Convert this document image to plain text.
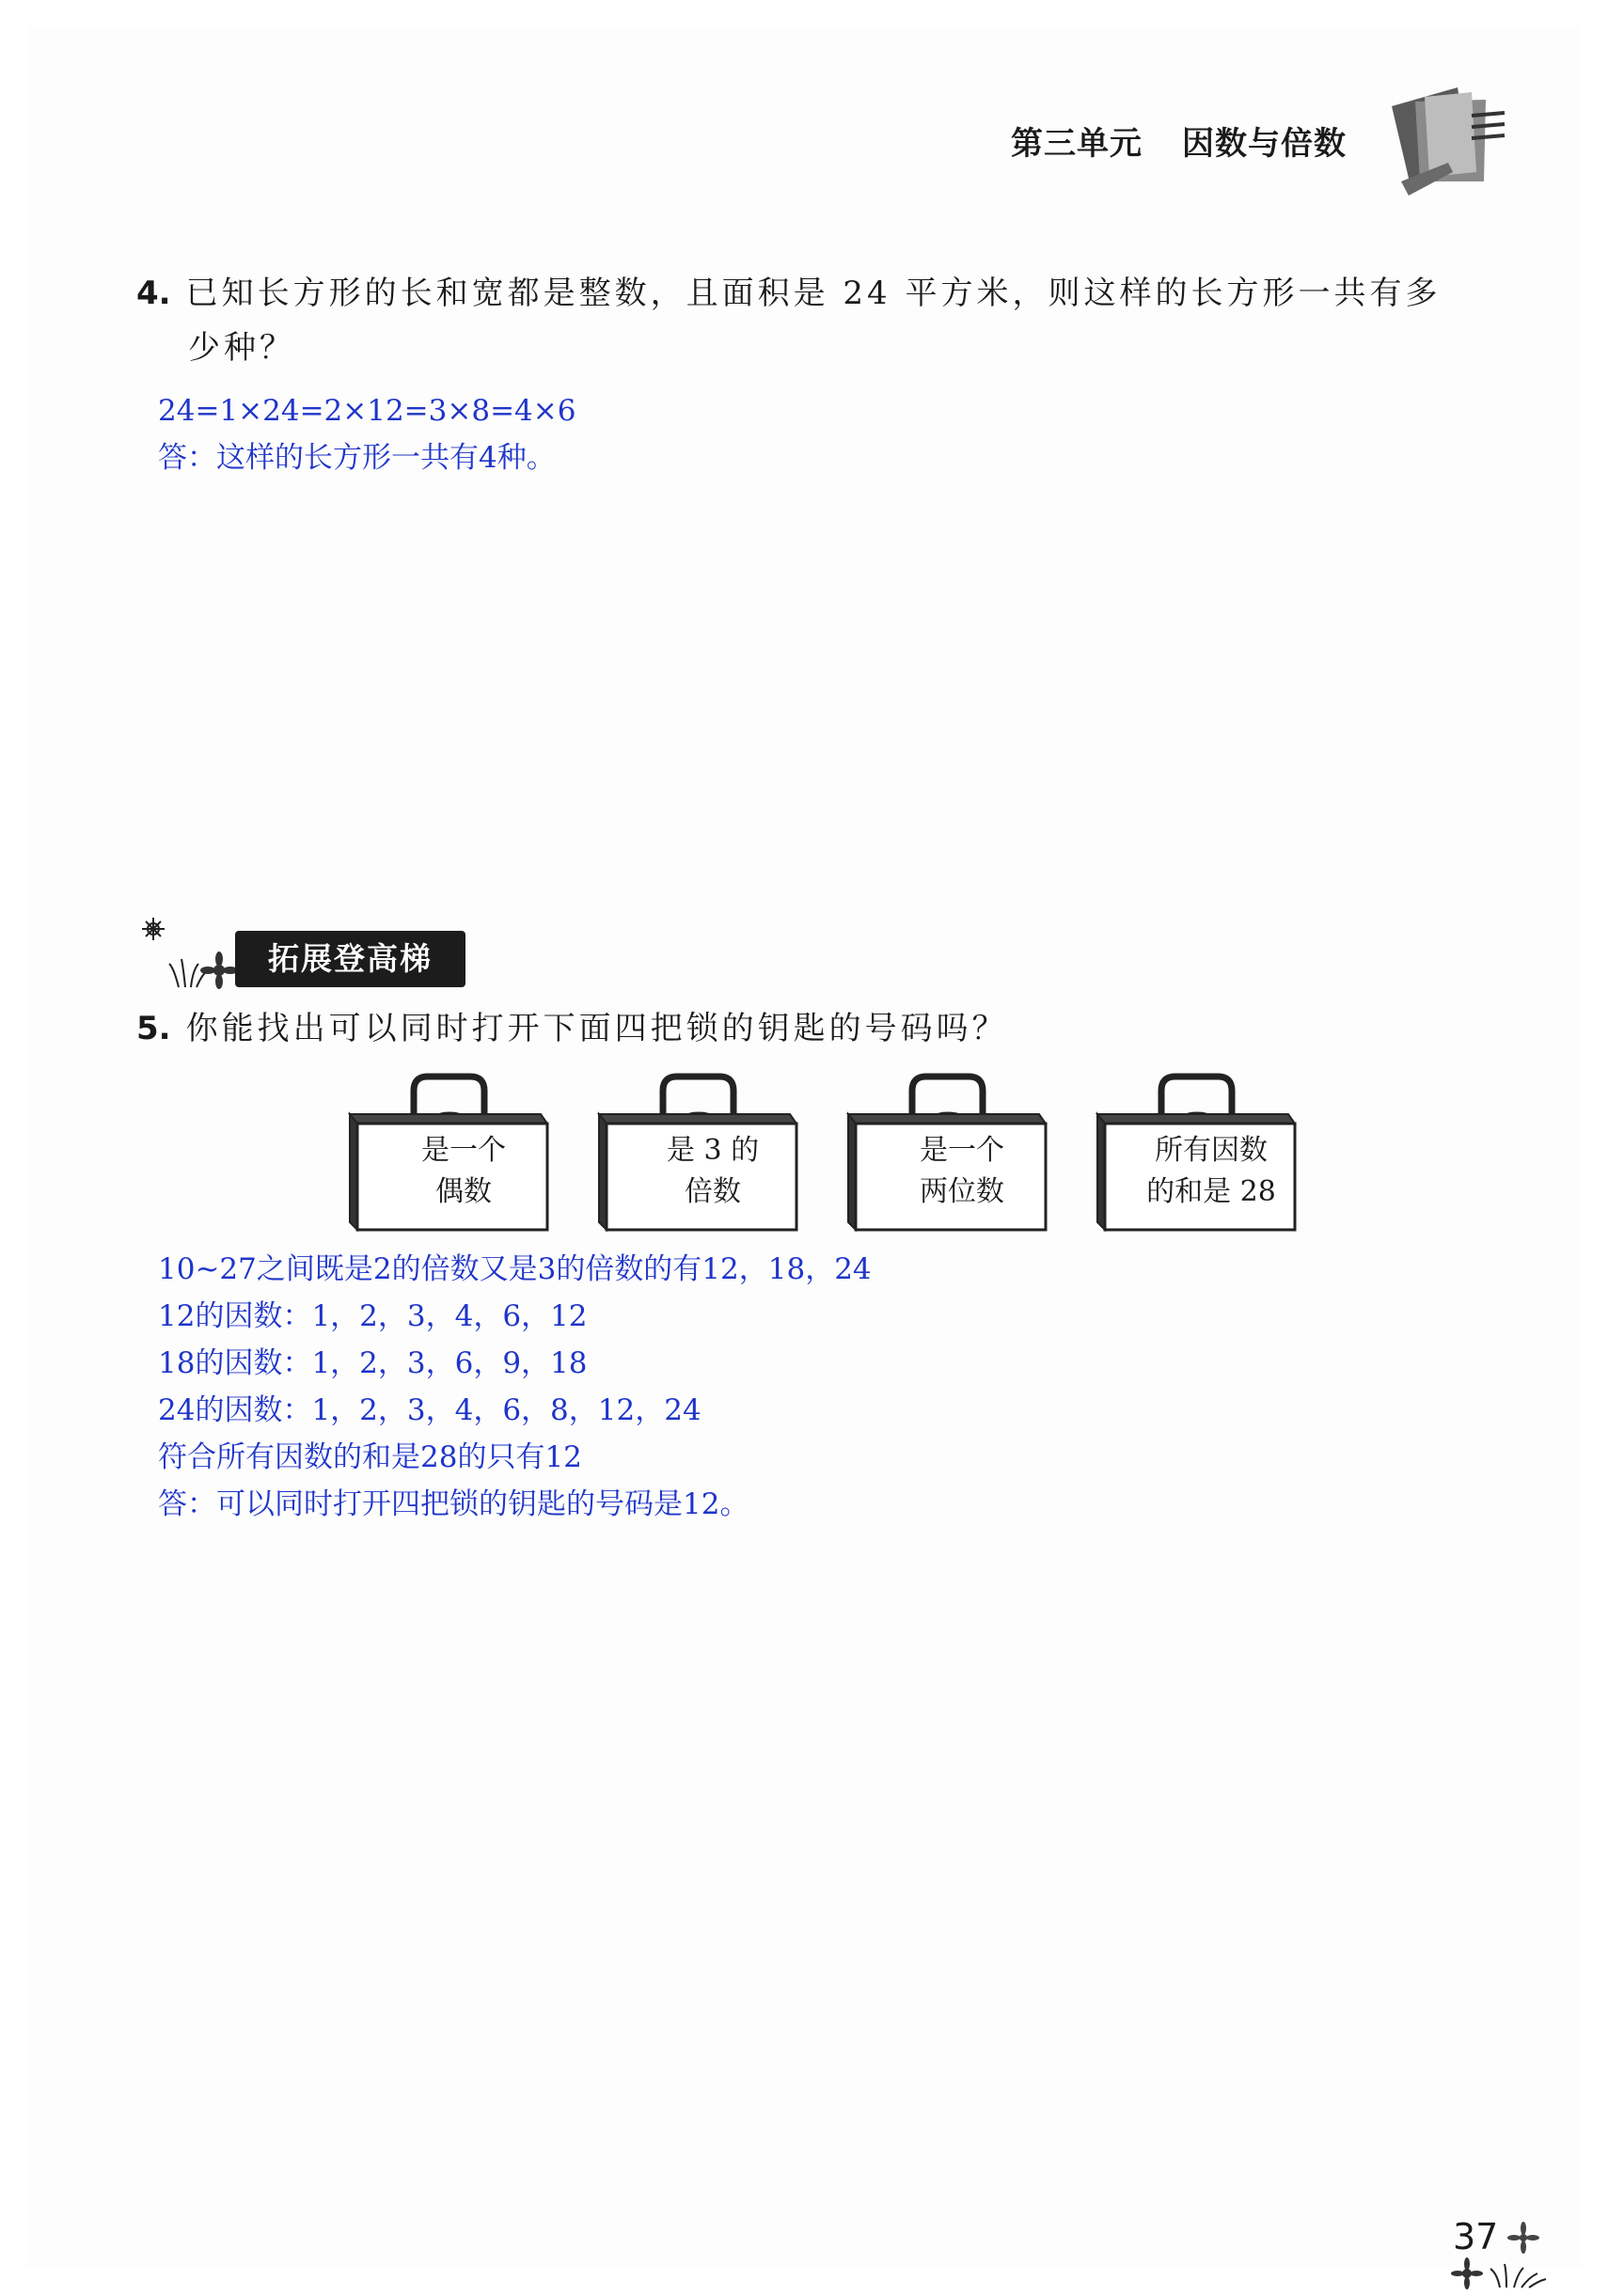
第三单元 因数与倍数
4. 已知长方形的长和宽都是整数，且面积是 24 平方米，则这样的长方形一共有多
少种？
24=1×24=2×12=3×8=4×6
答：这样的长方形一共有4种。
拓展登高梯
5. 你能找出可以同时打开下面四把锁的钥匙的号码吗？
是一个
偶数
是 3 的
倍数
是一个
两位数
所有因数
的和是 28
10~27之间既是2的倍数又是3的倍数的有12，18，24
12的因数：1，2，3，4，6，12
18的因数：1，2，3，6，9，18
24的因数：1，2，3，4，6，8，12，24
符合所有因数的和是28的只有12
答：可以同时打开四把锁的钥匙的号码是12。
37
